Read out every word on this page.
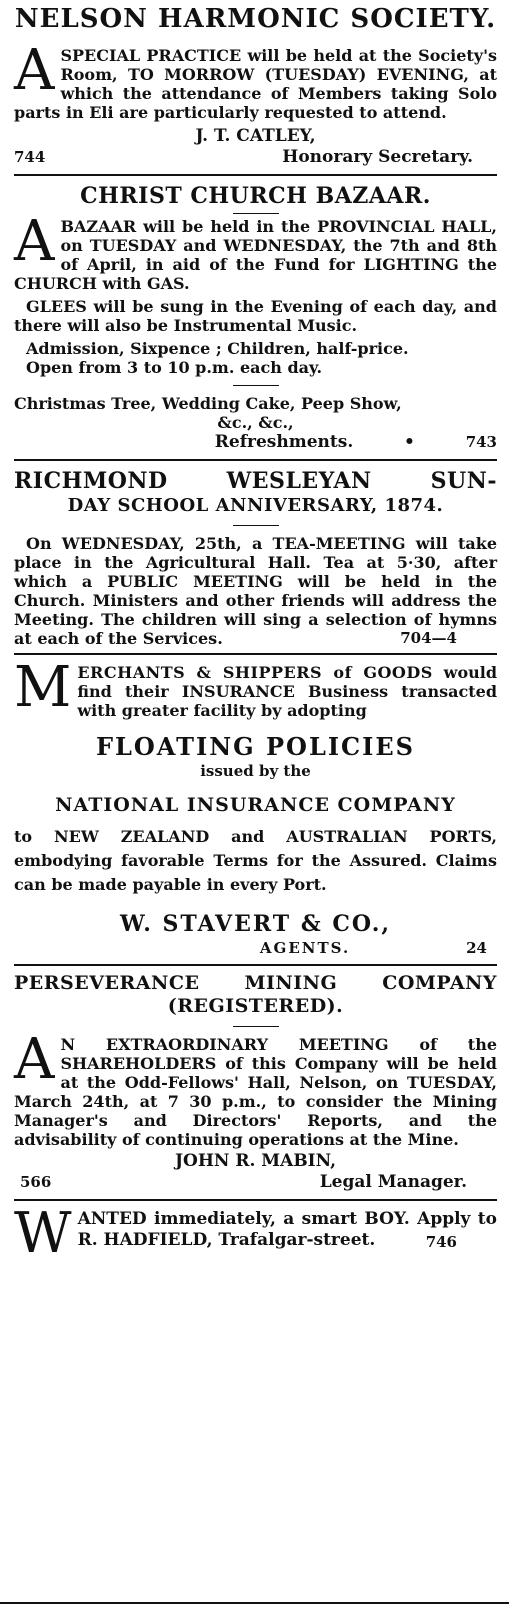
NELSON HARMONIC SOCIETY.
A SPECIAL PRACTICE will be held at the Society's Room, TO MORROW (TUESDAY) EVENING, at which the attendance of Members taking Solo parts in Eli are particularly requested to attend.
J. T. CATLEY,
744	Honorary Secretary.
CHRIST CHURCH BAZAAR.
A BAZAAR will be held in the PROVINCIAL HALL, on TUESDAY and WEDNESDAY, the 7th and 8th of April, in aid of the Fund for LIGHTING the CHURCH with GAS.
GLEES will be sung in the Evening of each day, and there will also be Instrumental Music.
Admission, Sixpence ; Children, half-price.
Open from 3 to 10 p.m. each day.
Christmas Tree, Wedding Cake, Peep Show,
&c., &c.,
Refreshments.	•	743
RICHMOND WESLEYAN SUN-
DAY SCHOOL ANNIVERSARY, 1874.
On WEDNESDAY, 25th, a TEA-MEETING will take place in the Agricultural Hall. Tea at 5·30, after which a PUBLIC MEETING will be held in the Church. Ministers and other friends will address the Meeting. The children will sing a selection of hymns at each of the Services.	704—4
M ERCHANTS & SHIPPERS of GOODS would find their INSURANCE Business transacted with greater facility by adopting
FLOATING POLICIES
issued by the
NATIONAL INSURANCE COMPANY
to NEW ZEALAND and AUSTRALIAN PORTS, embodying favorable Terms for the Assured. Claims can be made payable in every Port.
W. STAVERT & CO.,
AGENTS.	24
PERSEVERANCE MINING COMPANY
(REGISTERED).
A N EXTRAORDINARY MEETING of the SHAREHOLDERS of this Company will be held at the Odd-Fellows' Hall, Nelson, on TUESDAY, March 24th, at 7 30 p.m., to consider the Mining Manager's and Directors' Reports, and the advisability of continuing operations at the Mine.
JOHN R. MABIN,
566	Legal Manager.
W ANTED immediately, a smart BOY. Apply to R. HADFIELD, Trafalgar-street.	746
